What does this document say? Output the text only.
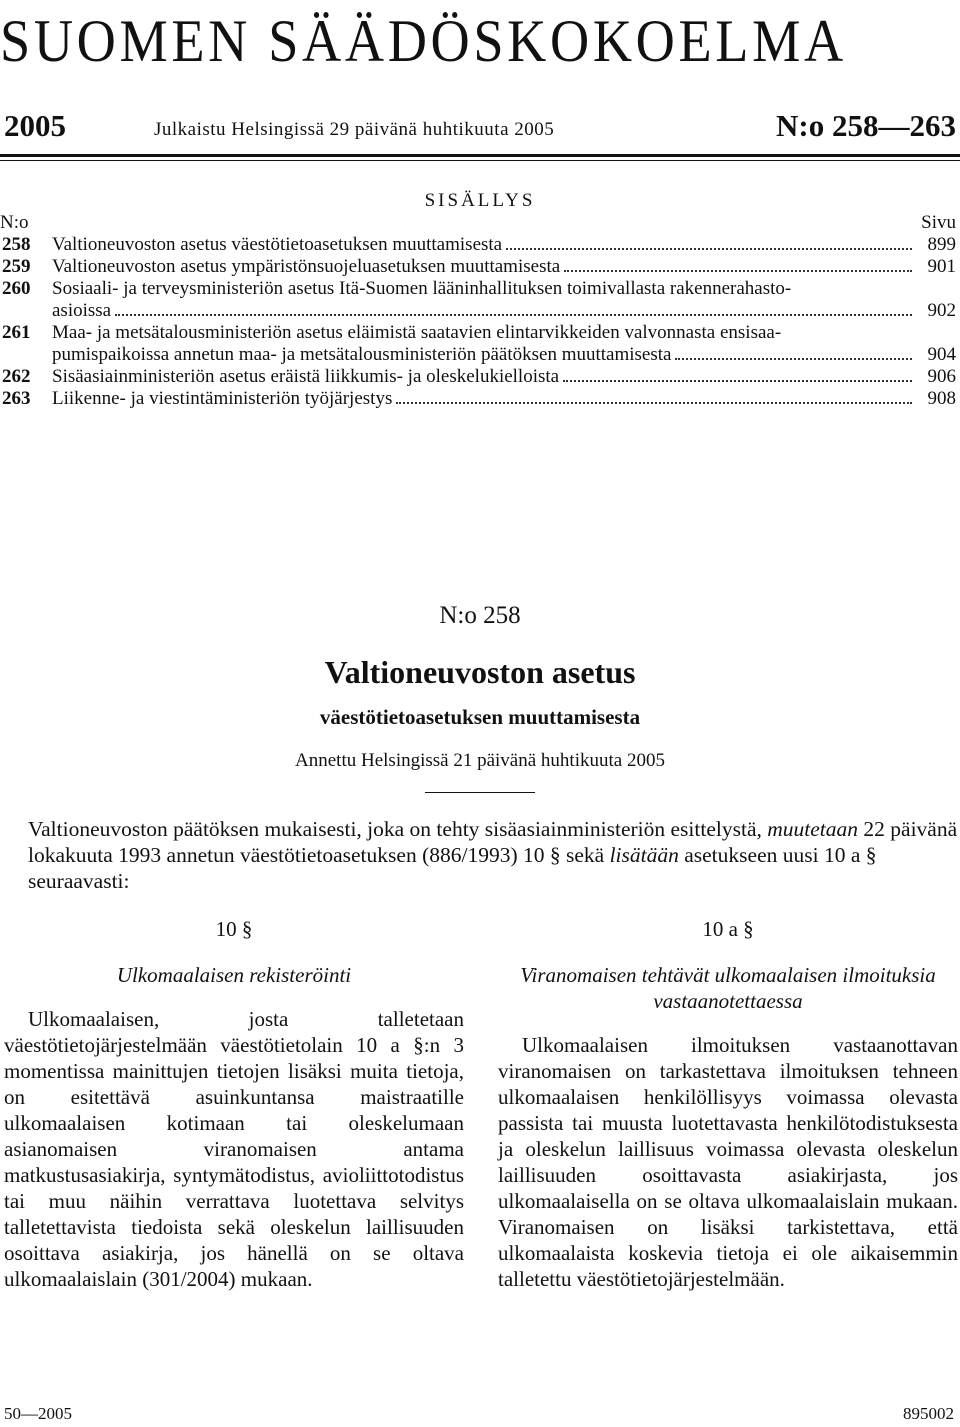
SUOMEN SÄÄDÖSKOKOELMA
2005	Julkaistu Helsingissä 29 päivänä huhtikuuta 2005	N:o 258—263
SISÄLLYS
N:o	Sivu
258 Valtioneuvoston asetus väestötietoasetuksen muuttamisesta	899
259 Valtioneuvoston asetus ympäristönsuojeluasetuksen muuttamisesta	901
260 Sosiaali- ja terveysministeriön asetus Itä-Suomen lääninhallituksen toimivallasta rakennerahasto-
asioissa	902
261 Maa- ja metsätalousministeriön asetus eläimistä saatavien elintarvikkeiden valvonnasta ensisaa-
pumispaikoissa annetun maa- ja metsätalousministeriön päätöksen muuttamisesta	904
262 Sisäasiainministeriön asetus eräistä liikkumis- ja oleskelukielloista	906
263 Liikenne- ja viestintäministeriön työjärjestys	908
N:o 258
Valtioneuvoston asetus
väestötietoasetuksen muuttamisesta
Annettu Helsingissä 21 päivänä huhtikuuta 2005
Valtioneuvoston päätöksen mukaisesti, joka on tehty sisäasiainministeriön esittelystä, muutetaan 22 päivänä lokakuuta 1993 annetun väestötietoasetuksen (886/1993) 10 § sekä lisätään asetukseen uusi 10 a § seuraavasti:
10 §
Ulkomaalaisen rekisteröinti
Ulkomaalaisen, josta talletetaan väestötietojärjestelmään väestötietolain 10 a §:n 3 momentissa mainittujen tietojen lisäksi muita tietoja, on esitettävä asuinkuntansa maistraatille ulkomaalaisen kotimaan tai oleskelumaan asianomaisen viranomaisen antama matkustusasiakirja, syntymätodistus, avioliittotodistus tai muu näihin verrattava luotettava selvitys talletettavista tiedoista sekä oleskelun laillisuuden osoittava asiakirja, jos hänellä on se oltava ulkomaalaislain (301/2004) mukaan.
10 a §
Viranomaisen tehtävät ulkomaalaisen ilmoituksia vastaanotettaessa
Ulkomaalaisen ilmoituksen vastaanottavan viranomaisen on tarkastettava ilmoituksen tehneen ulkomaalaisen henkilöllisyys voimassa olevasta passista tai muusta luotettavasta henkilötodistuksesta ja oleskelun laillisuus voimassa olevasta oleskelun laillisuuden osoittavasta asiakirjasta, jos ulkomaalaisella on se oltava ulkomaalaislain mukaan. Viranomaisen on lisäksi tarkistettava, että ulkomaalaista koskevia tietoja ei ole aikaisemmin talletettu väestötietojärjestelmään.
50—2005	895002
